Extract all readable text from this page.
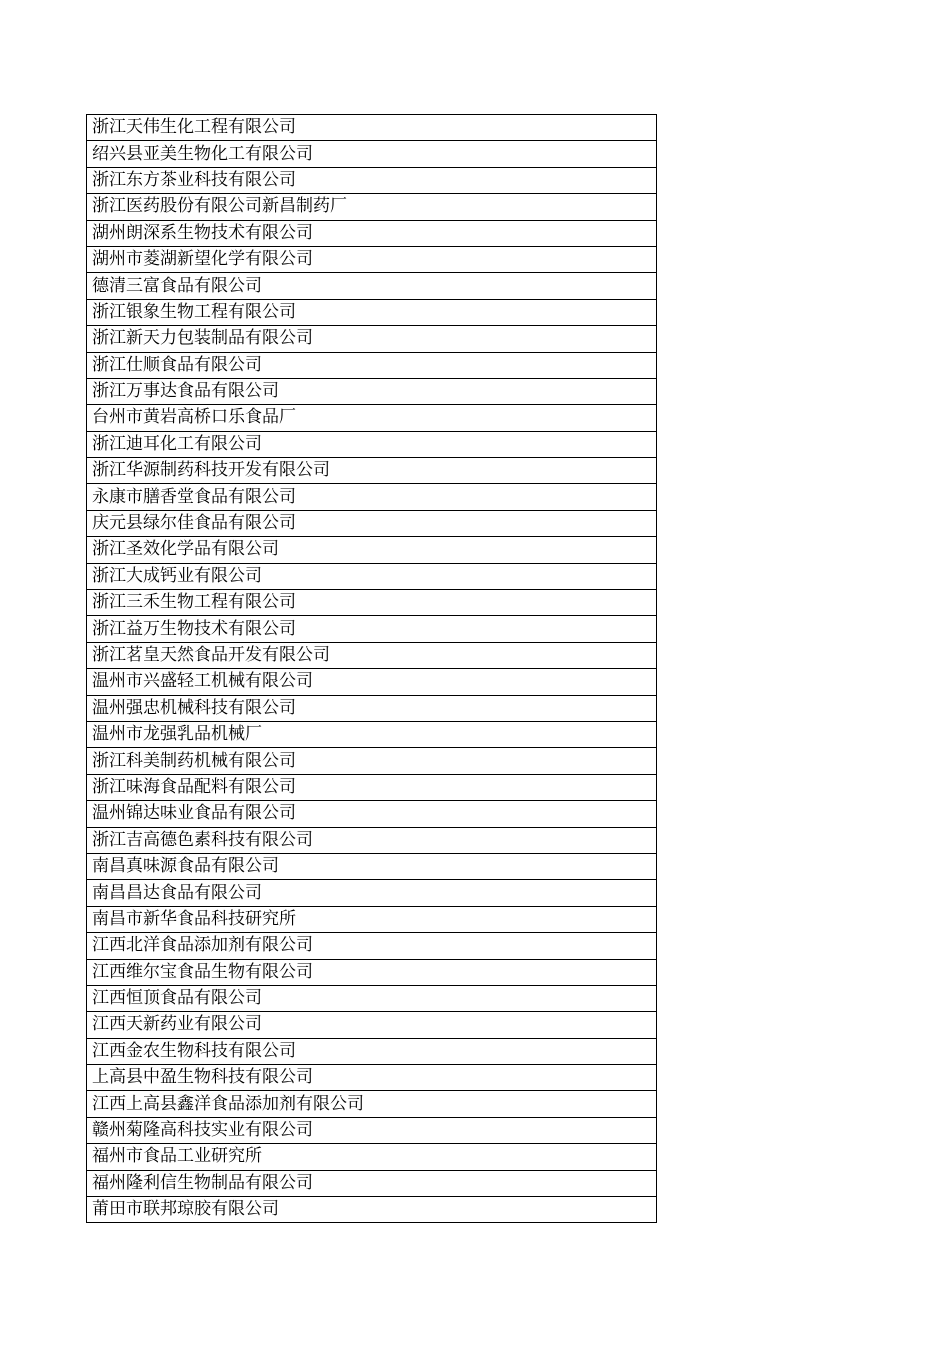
浙江天伟生化工程有限公司
绍兴县亚美生物化工有限公司
浙江东方茶业科技有限公司
浙江医药股份有限公司新昌制药厂
湖州朗深系生物技术有限公司
湖州市菱湖新望化学有限公司
德清三富食品有限公司
浙江银象生物工程有限公司
浙江新天力包装制品有限公司
浙江仕顺食品有限公司
浙江万事达食品有限公司
台州市黄岩高桥口乐食品厂
浙江迪耳化工有限公司
浙江华源制药科技开发有限公司
永康市膳香堂食品有限公司
庆元县绿尔佳食品有限公司
浙江圣效化学品有限公司
浙江大成钙业有限公司
浙江三禾生物工程有限公司
浙江益万生物技术有限公司
浙江茗皇天然食品开发有限公司
温州市兴盛轻工机械有限公司
温州强忠机械科技有限公司
温州市龙强乳品机械厂
浙江科美制药机械有限公司
浙江味海食品配料有限公司
温州锦达味业食品有限公司
浙江吉高德色素科技有限公司
南昌真味源食品有限公司
南昌昌达食品有限公司
南昌市新华食品科技研究所
江西北洋食品添加剂有限公司
江西维尔宝食品生物有限公司
江西恒顶食品有限公司
江西天新药业有限公司
江西金农生物科技有限公司
上高县中盈生物科技有限公司
江西上高县鑫洋食品添加剂有限公司
赣州菊隆高科技实业有限公司
福州市食品工业研究所
福州隆利信生物制品有限公司
莆田市联邦琼胶有限公司
